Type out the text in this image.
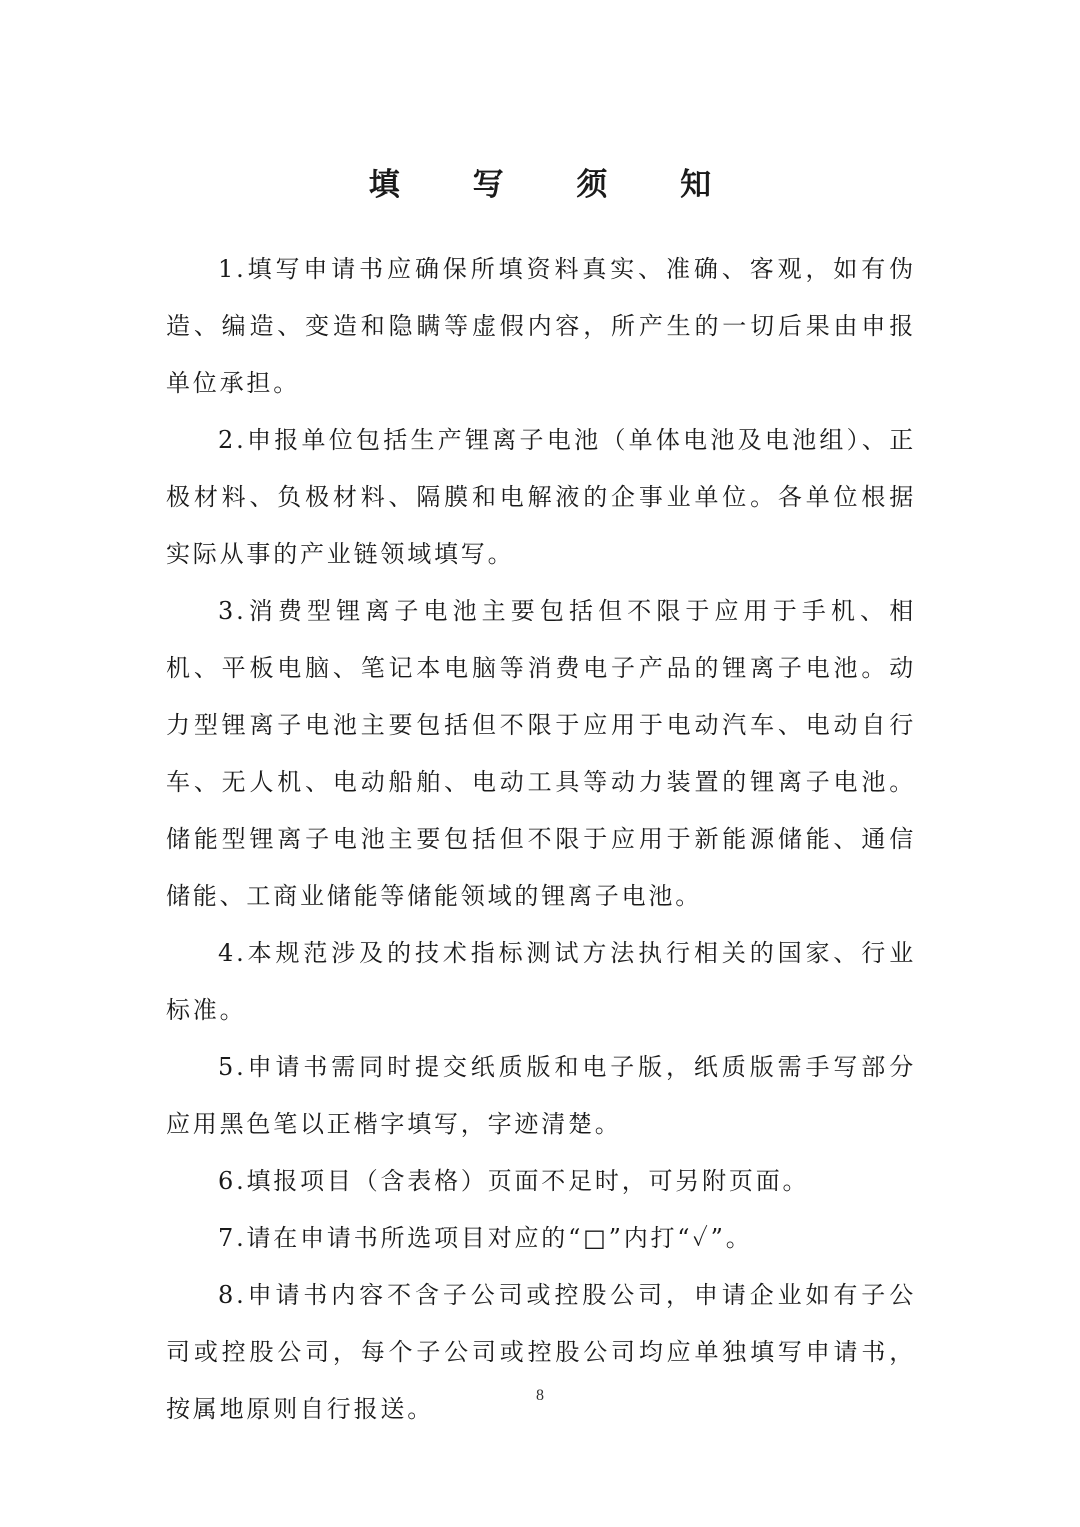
填 写 须 知

1.填写申请书应确保所填资料真实、准确、客观，如有伪造、编造、变造和隐瞒等虚假内容，所产生的一切后果由申报单位承担。

2.申报单位包括生产锂离子电池（单体电池及电池组）、正极材料、负极材料、隔膜和电解液的企事业单位。各单位根据实际从事的产业链领域填写。

3.消费型锂离子电池主要包括但不限于应用于手机、相机、平板电脑、笔记本电脑等消费电子产品的锂离子电池。动力型锂离子电池主要包括但不限于应用于电动汽车、电动自行车、无人机、电动船舶、电动工具等动力装置的锂离子电池。储能型锂离子电池主要包括但不限于应用于新能源储能、通信储能、工商业储能等储能领域的锂离子电池。

4.本规范涉及的技术指标测试方法执行相关的国家、行业标准。

5.申请书需同时提交纸质版和电子版，纸质版需手写部分应用黑色笔以正楷字填写，字迹清楚。

6.填报项目（含表格）页面不足时，可另附页面。

7.请在申请书所选项目对应的“□”内打“✓”。

8.申请书内容不含子公司或控股公司，申请企业如有子公司或控股公司，每个子公司或控股公司均应单独填写申请书，按属地原则自行报送。	8
